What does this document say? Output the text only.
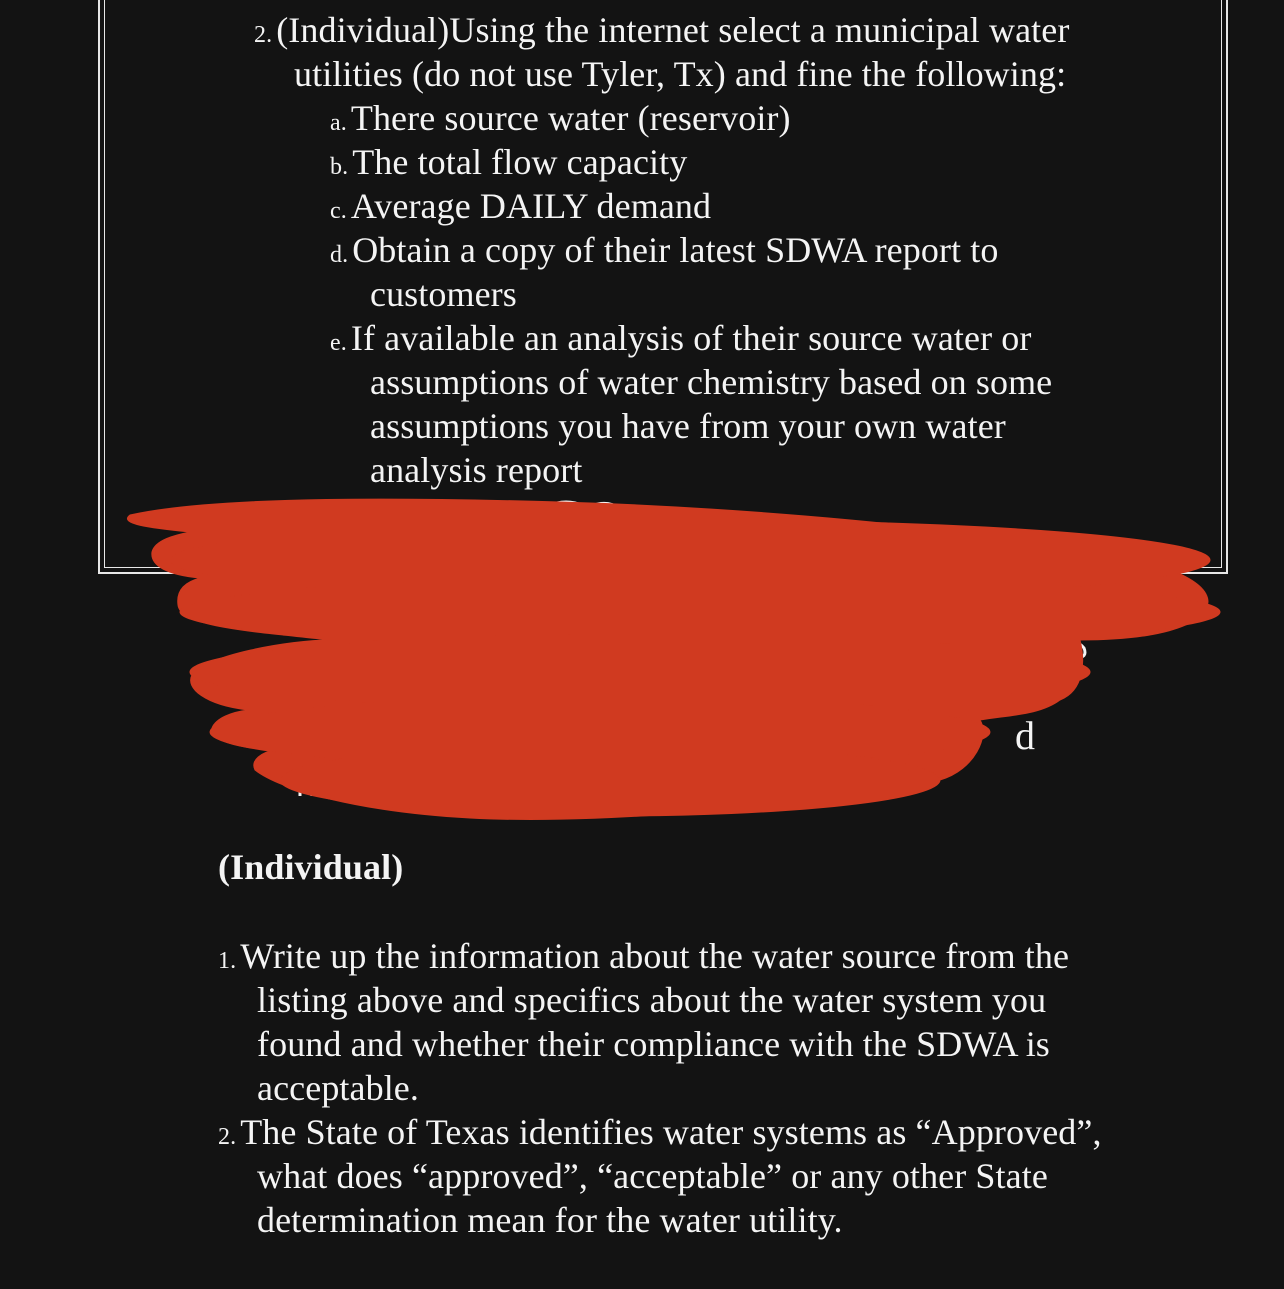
2. (Individual)Using the internet select a municipal water
utilities (do not use Tyler, Tx) and fine the following:
a. There source water (reservoir)
b. The total flow capacity
c. Average DAILY demand
d. Obtain a copy of their latest SDWA report to
customers
e. If available an analysis of their source water or
assumptions of water chemistry based on some
assumptions you have from your own water
analysis report
d
(Individual)
1. Write up the information about the water source from the
listing above and specifics about the water system you
found and whether their compliance with the SDWA is
acceptable.
2. The State of Texas identifies water systems as “Approved”,
what does “approved”, “acceptable” or any other State
determination mean for the water utility.
